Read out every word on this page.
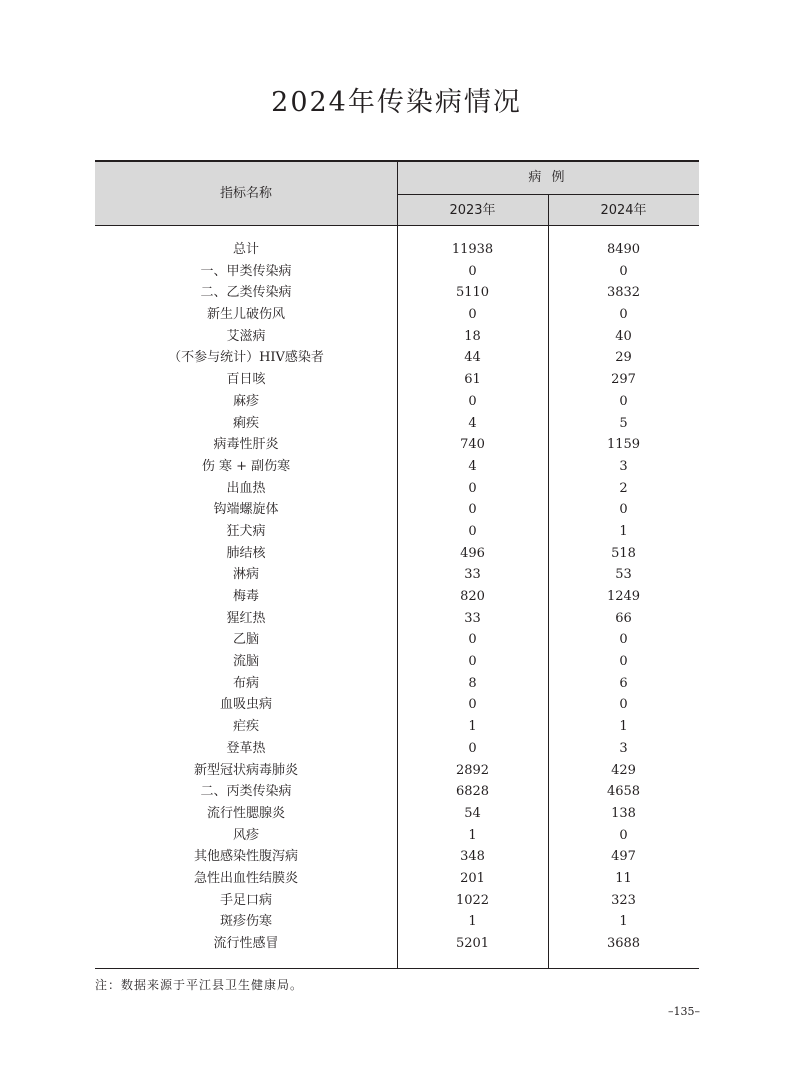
2024年传染病情况
指标名称
病 例
2023年	2024年
总计	11938	8490
一、甲类传染病	0	0
二、乙类传染病	5110	3832
新生儿破伤风	0	0
艾滋病	18	40
（不参与统计）HIV感染者	44	29
百日咳	61	297
麻疹	0	0
痢疾	4	5
病毒性肝炎	740	1159
伤 寒 + 副伤寒	4	3
出血热	0	2
钩端螺旋体	0	0
狂犬病	0	1
肺结核	496	518
淋病	33	53
梅毒	820	1249
猩红热	33	66
乙脑	0	0
流脑	0	0
布病	8	6
血吸虫病	0	0
疟疾	1	1
登革热	0	3
新型冠状病毒肺炎	2892	429
二、丙类传染病	6828	4658
流行性腮腺炎	54	138
风疹	1	0
其他感染性腹泻病	348	497
急性出血性结膜炎	201	11
手足口病	1022	323
斑疹伤寒	1	1
流行性感冒	5201	3688
注：数据来源于平江县卫生健康局。
–135–
